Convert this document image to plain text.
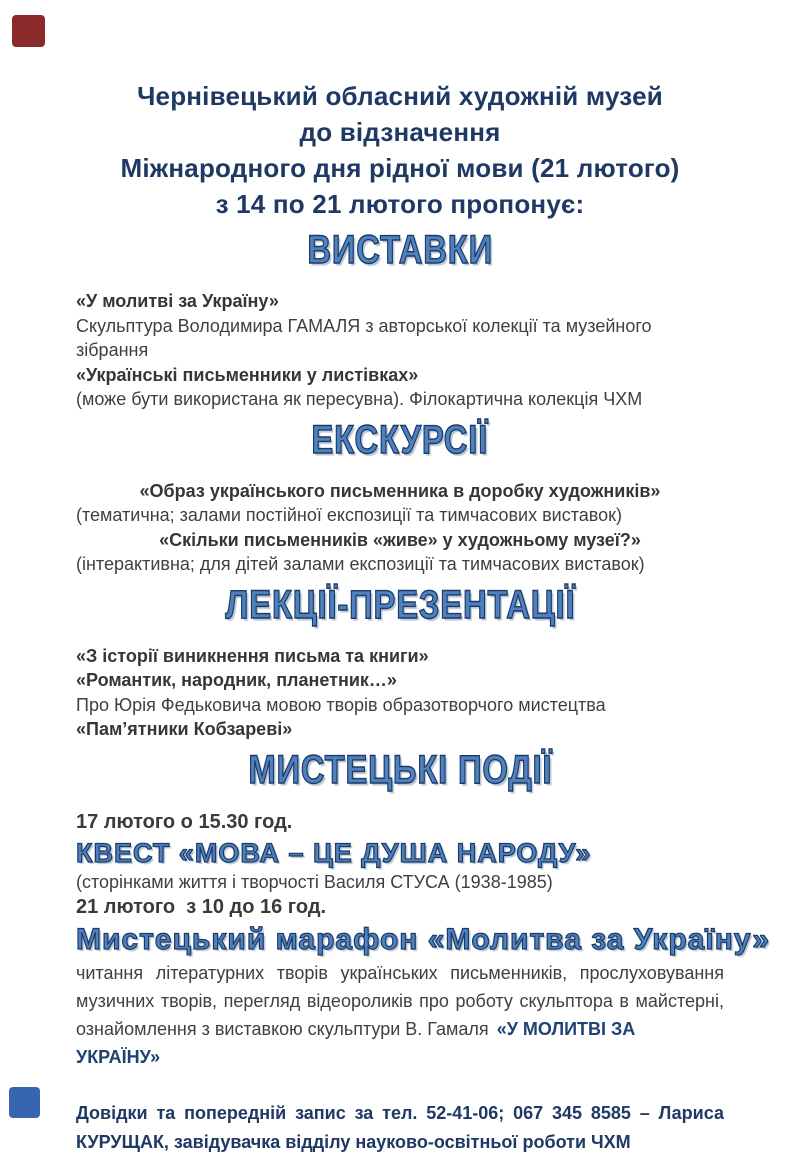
Чернівецький обласний художній музей
до відзначення
Міжнародного дня рідної мови (21 лютого)
з 14 по 21 лютого пропонує:
ВИСТАВКИ
«У молитві за Україну»
Скульптура Володимира ГАМАЛЯ з авторської колекції та музейного зібрання
«Українські письменники у листівках»
(може бути використана як пересувна). Філокартична колекція ЧХМ
ЕКСКУРСІЇ
«Образ українського письменника в доробку художників»
(тематична; залами постійної експозиції та тимчасових виставок)
«Скільки письменників «живе» у художньому музеї?»
(інтерактивна; для дітей залами експозиції та тимчасових виставок)
ЛЕКЦІЇ-ПРЕЗЕНТАЦІЇ
«З історії виникнення письма та книги»
«Романтик, народник, планетник…»
Про Юрія Федьковича мовою творів образотворчого мистецтва
«Пам’ятники Кобзареві»
МИСТЕЦЬКІ ПОДІЇ
17 лютого о 15.30 год.
КВЕСТ «МОВА – ЦЕ ДУША НАРОДУ»
(сторінками життя і творчості Василя СТУСА (1938-1985)
21 лютого  з 10 до 16 год.
Мистецький марафон «Молитва за Україну»
читання літературних творів українських письменників, прослуховування
музичних творів, перегляд відеороликів про роботу скульптора в майстерні,
ознайомлення з виставкою скульптури В. Гамаля «У МОЛИТВІ ЗА УКРАЇНУ»
Довідки та попередній запис за тел. 52-41-06; 067 345 8585 – Лариса
КУРУЩАК, завідувачка відділу науково-освітньої роботи ЧХМ
